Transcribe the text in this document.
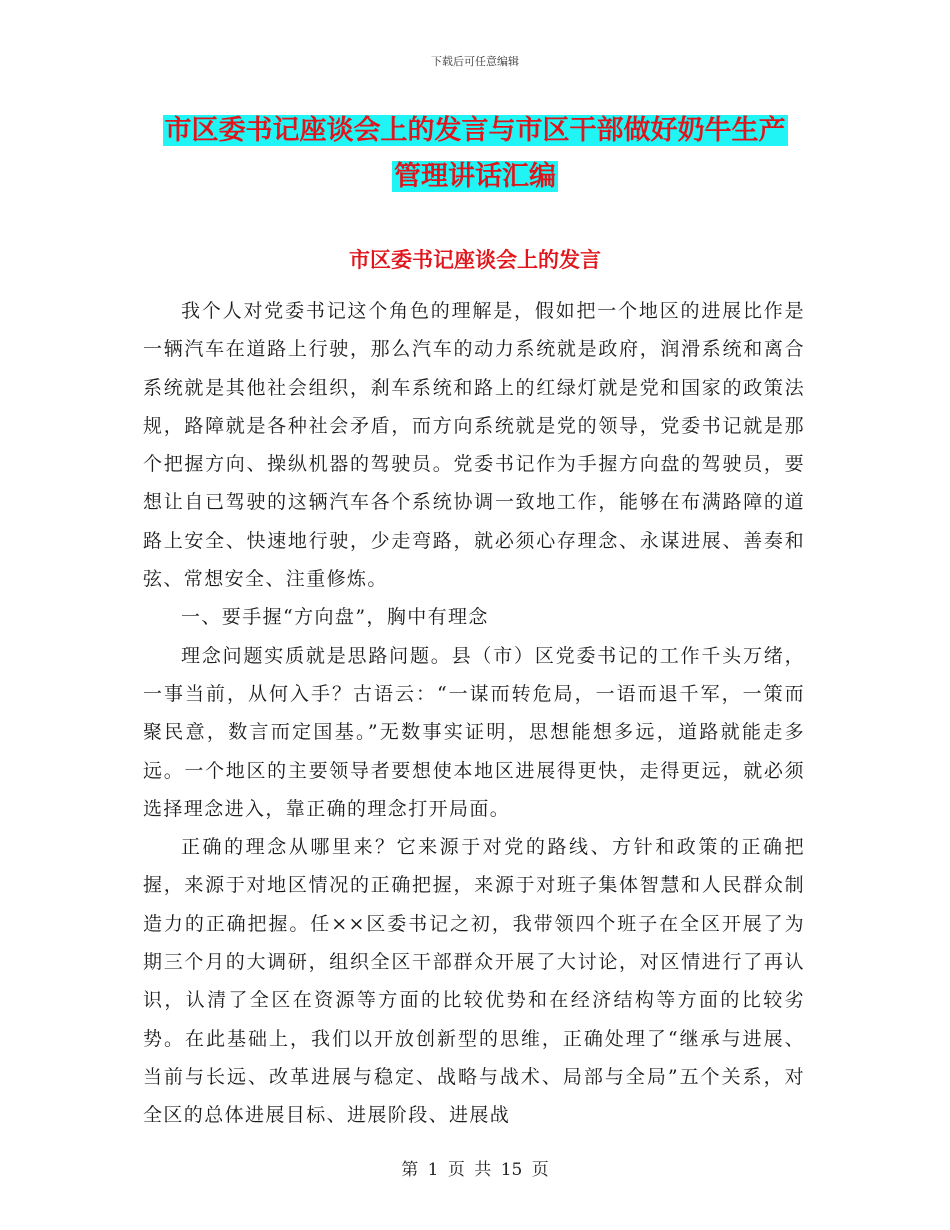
下载后可任意编辑
市区委书记座谈会上的发言与市区干部做好奶牛生产
管理讲话汇编
市区委书记座谈会上的发言

我个人对党委书记这个角色的理解是，假如把一个地区的进展比作是一辆汽车在道路上行驶，那么汽车的动力系统就是政府，润滑系统和离合系统就是其他社会组织，刹车系统和路上的红绿灯就是党和国家的政策法规，路障就是各种社会矛盾，而方向系统就是党的领导，党委书记就是那个把握方向、操纵机器的驾驶员。党委书记作为手握方向盘的驾驶员，要想让自已驾驶的这辆汽车各个系统协调一致地工作，能够在布满路障的道路上安全、快速地行驶，少走弯路，就必须心存理念、永谋进展、善奏和弦、常想安全、注重修炼。

一、要手握“方向盘”，胸中有理念

理念问题实质就是思路问题。县（市）区党委书记的工作千头万绪，一事当前，从何入手？古语云：“一谋而转危局，一语而退千军，一策而聚民意，数言而定国基。”无数事实证明，思想能想多远，道路就能走多远。一个地区的主要领导者要想使本地区进展得更快，走得更远，就必须选择理念进入，靠正确的理念打开局面。

正确的理念从哪里来？它来源于对党的路线、方针和政策的正确把握，来源于对地区情况的正确把握，来源于对班子集体智慧和人民群众制造力的正确把握。任××区委书记之初，我带领四个班子在全区开展了为期三个月的大调研，组织全区干部群众开展了大讨论，对区情进行了再认识，认清了全区在资源等方面的比较优势和在经济结构等方面的比较劣势。在此基础上，我们以开放创新型的思维，正确处理了“继承与进展、当前与长远、改革进展与稳定、战略与战术、局部与全局”五个关系，对全区的总体进展目标、进展阶段、进展战

第 1 页 共 15 页
